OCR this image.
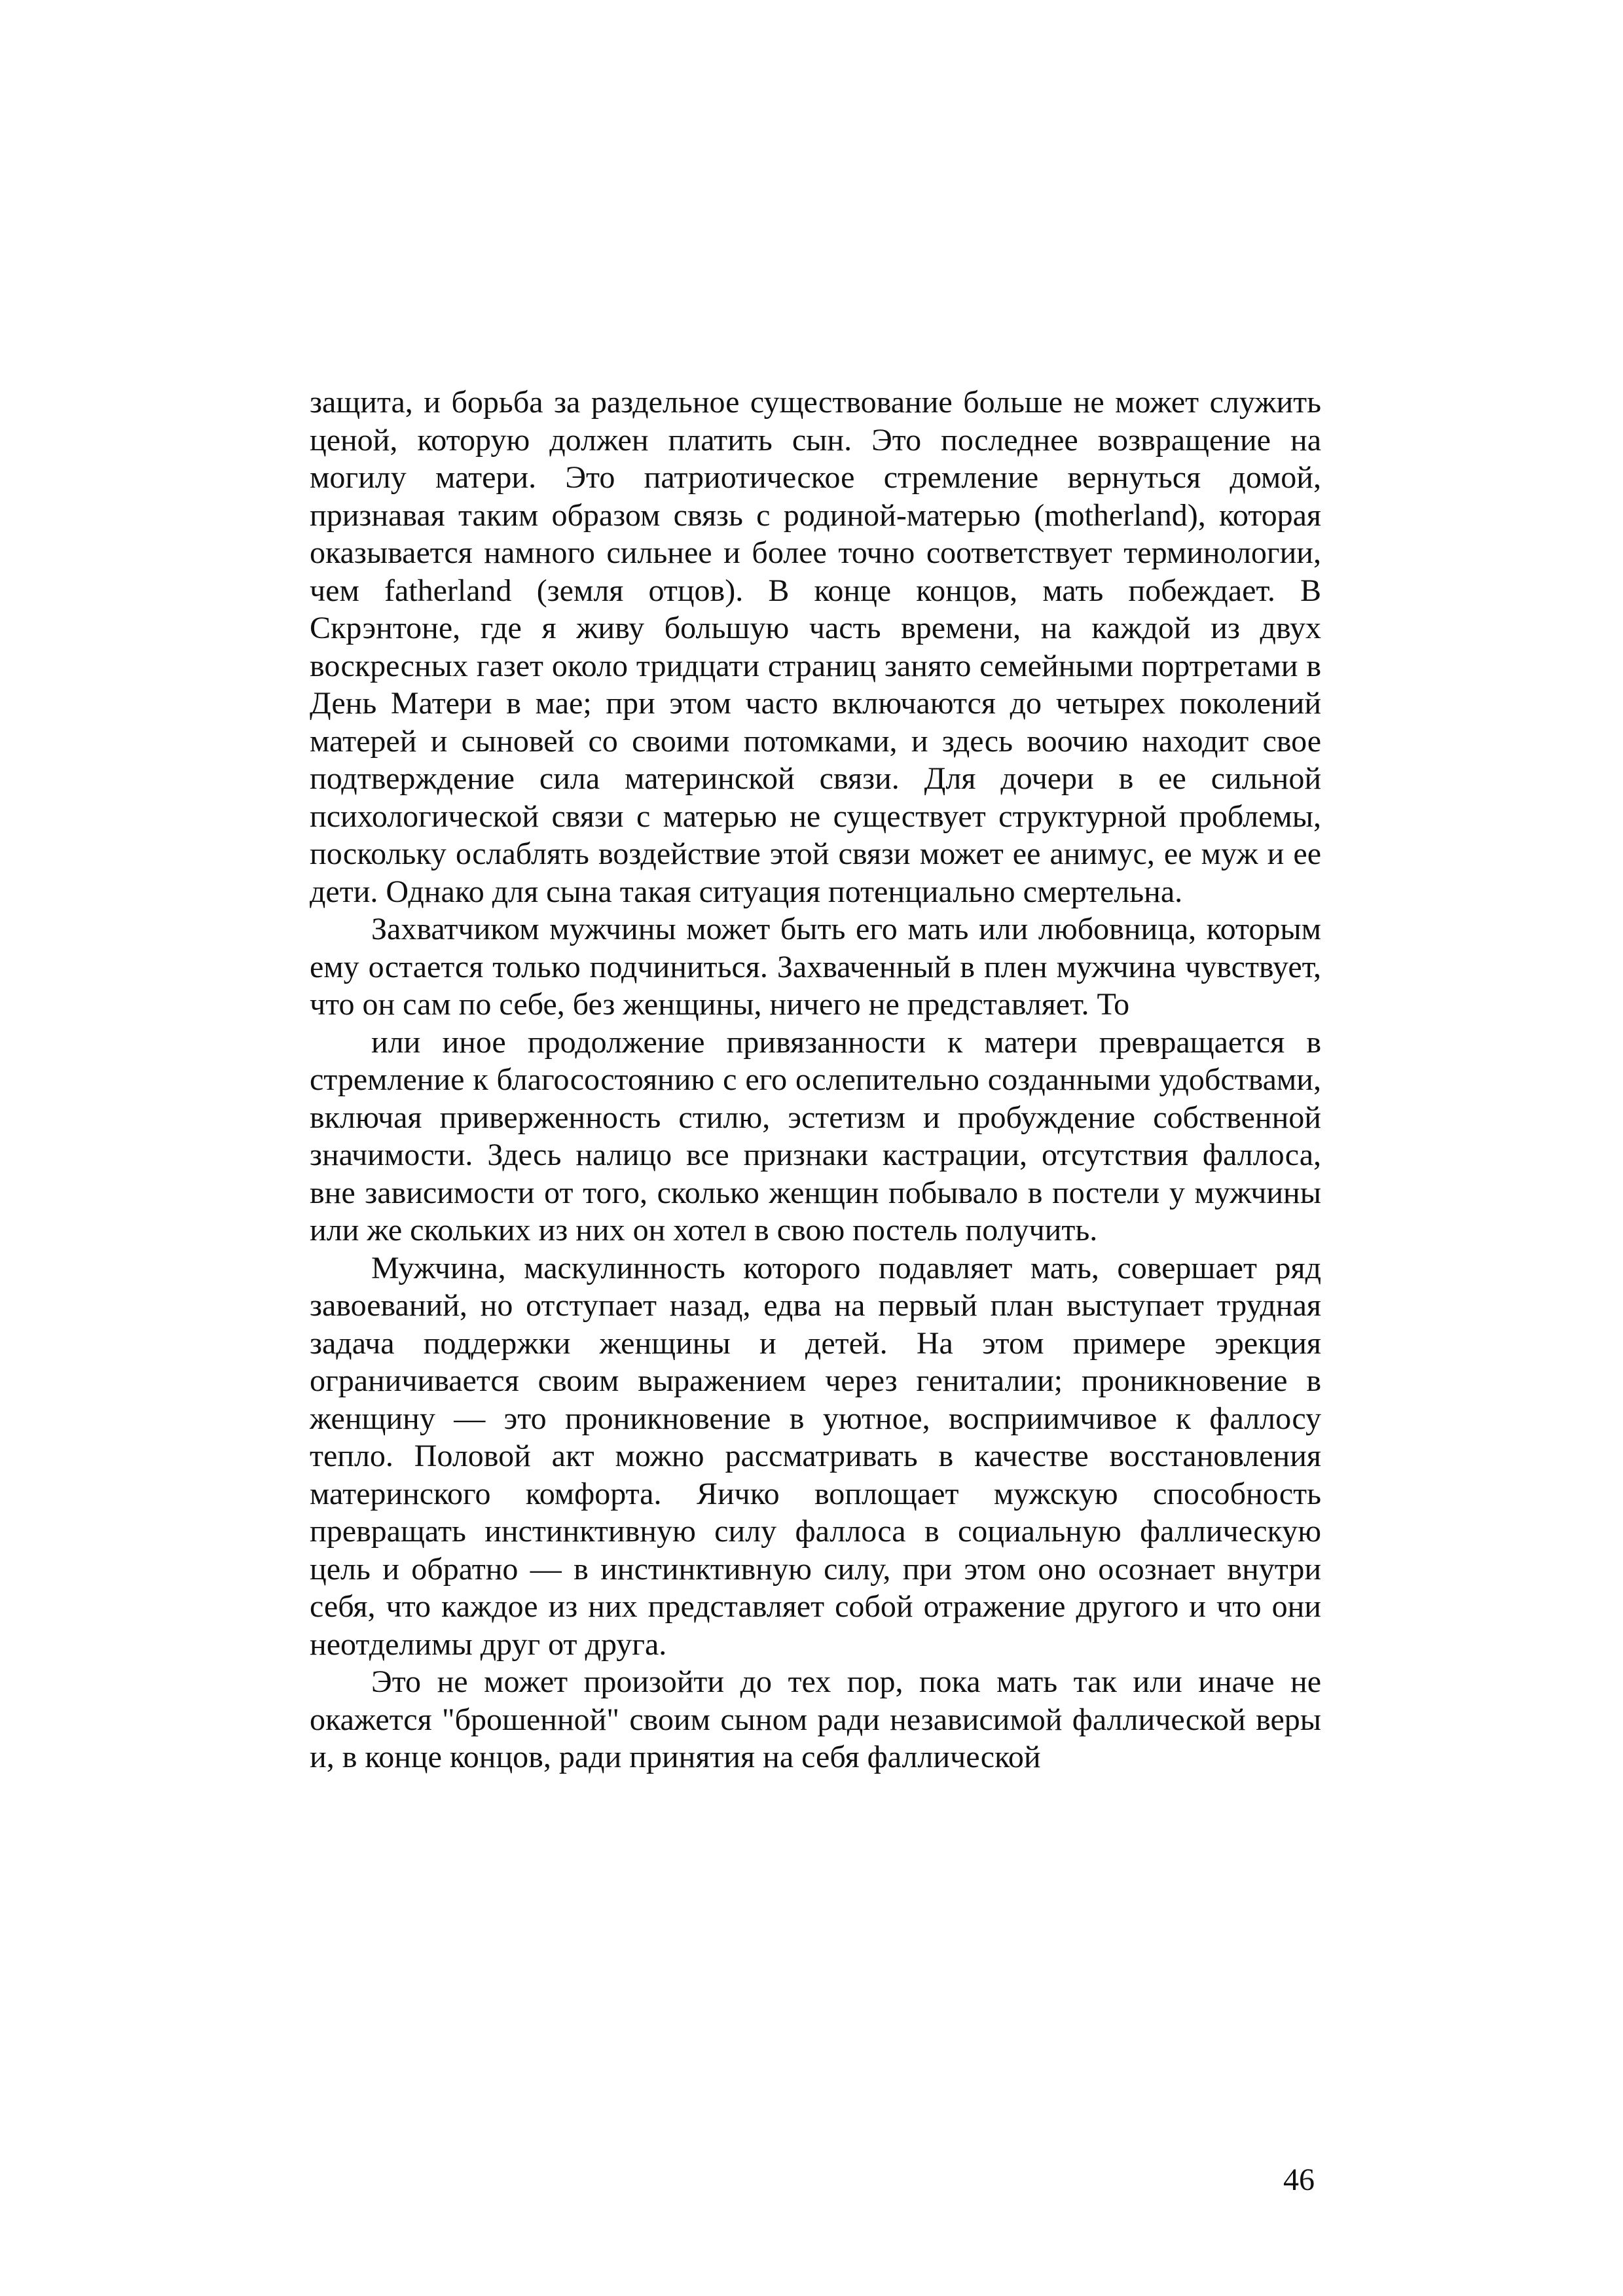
защита, и борьба за раздельное существование больше не может служить ценой, которую должен платить сын. Это последнее возвращение на могилу матери. Это патриотическое стремление вернуться домой, признавая таким образом связь с родиной-матерью (motherland), которая оказывается намного сильнее и более точно соответствует терминологии, чем fatherland (земля отцов). В конце концов, мать побеждает. В Скрэнтоне, где я живу большую часть времени, на каждой из двух воскресных газет около тридцати страниц занято семейными портретами в День Матери в мае; при этом часто включаются до четырех поколений матерей и сыновей со своими потомками, и здесь воочию находит свое подтверждение сила материнской связи. Для дочери в ее сильной психологической связи с матерью не существует структурной проблемы, поскольку ослаблять воздействие этой связи может ее анимус, ее муж и ее дети. Однако для сына такая ситуация потенциально смертельна.

Захватчиком мужчины может быть его мать или любовница, которым ему остается только подчиниться. Захваченный в плен мужчина чувствует, что он сам по себе, без женщины, ничего не представляет. То

или иное продолжение привязанности к матери превращается в стремление к благосостоянию с его ослепительно созданными удобствами, включая приверженность стилю, эстетизм и пробуждение собственной значимости. Здесь налицо все признаки кастрации, отсутствия фаллоса, вне зависимости от того, сколько женщин побывало в постели у мужчины или же скольких из них он хотел в свою постель получить.

Мужчина, маскулинность которого подавляет мать, совершает ряд завоеваний, но отступает назад, едва на первый план выступает трудная задача поддержки женщины и детей. На этом примере эрекция ограничивается своим выражением через гениталии; проникновение в женщину — это проникновение в уютное, восприимчивое к фаллосу тепло. Половой акт можно рассматривать в качестве восстановления материнского комфорта. Яичко воплощает мужскую способность превращать инстинктивную силу фаллоса в социальную фаллическую цель и обратно — в инстинктивную силу, при этом оно осознает внутри себя, что каждое из них представляет собой отражение другого и что они неотделимы друг от друга.

Это не может произойти до тех пор, пока мать так или иначе не окажется "брошенной" своим сыном ради независимой фаллической веры и, в конце концов, ради принятия на себя фаллической

46
